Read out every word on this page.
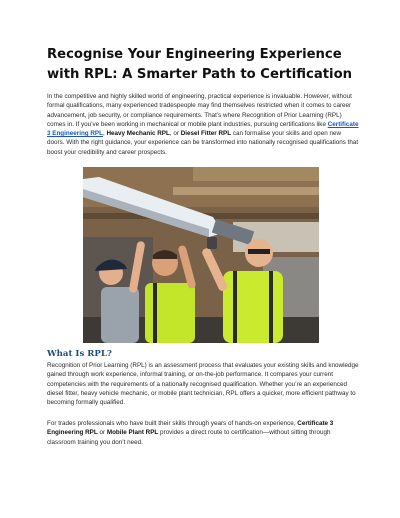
Recognise Your Engineering Experience with RPL: A Smarter Path to Certification

In the competitive and highly skilled world of engineering, practical experience is invaluable. However, without formal qualifications, many experienced tradespeople may find themselves restricted when it comes to career advancement, job security, or compliance requirements. That’s where Recognition of Prior Learning (RPL) comes in. If you’ve been working in mechanical or mobile plant industries, pursuing certifications like Certificate 3 Engineering RPL, Heavy Mechanic RPL, or Diesel Fitter RPL can formalise your skills and open new doors. With the right guidance, your experience can be transformed into nationally recognised qualifications that boost your credibility and career prospects.

What Is RPL?

Recognition of Prior Learning (RPL) is an assessment process that evaluates your existing skills and knowledge gained through work experience, informal training, or on-the-job performance. It compares your current competencies with the requirements of a nationally recognised qualification. Whether you’re an experienced diesel fitter, heavy vehicle mechanic, or mobile plant technician, RPL offers a quicker, more efficient pathway to becoming formally qualified.

For trades professionals who have built their skills through years of hands-on experience, Certificate 3 Engineering RPL or Mobile Plant RPL provides a direct route to certification—without sitting through classroom training you don’t need.
